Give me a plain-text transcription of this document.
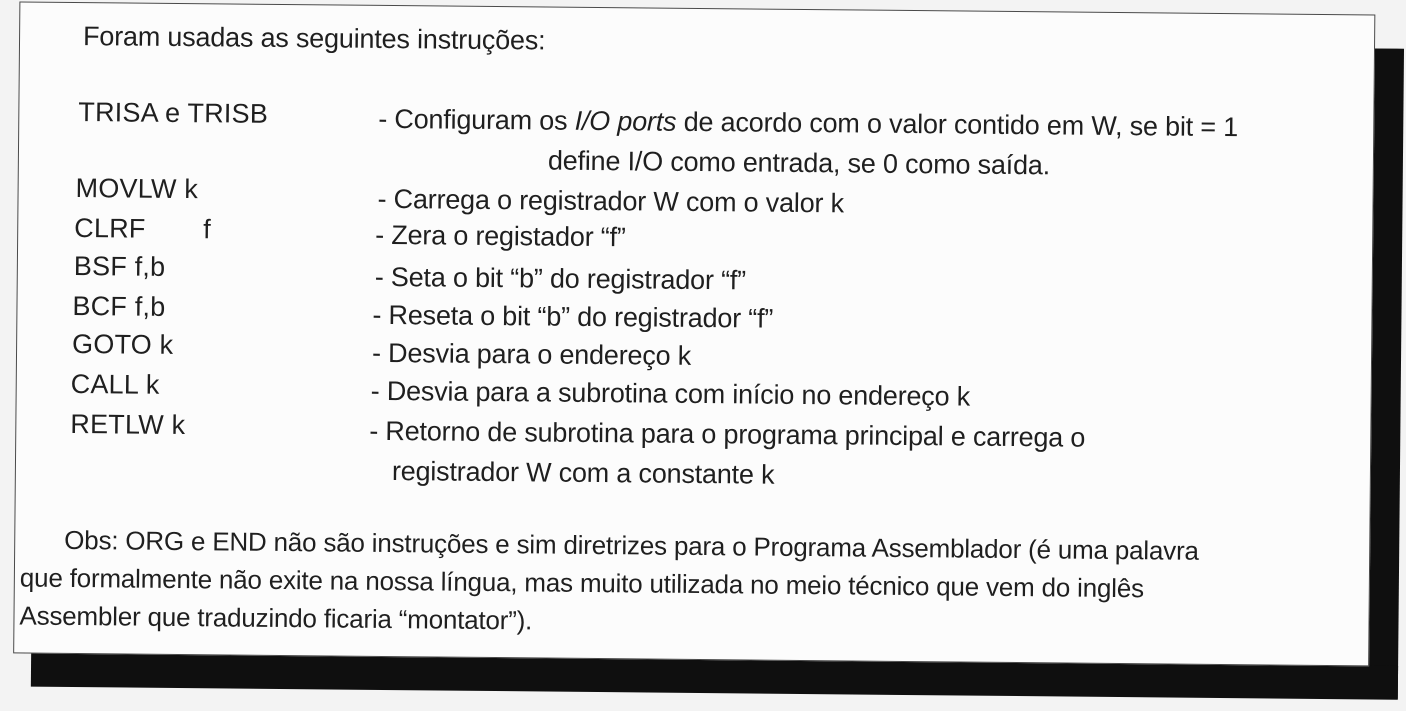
Foram usadas as seguintes instruções:
TRISA e TRISB	- Configuram os I/O ports de acordo com o valor contido em W, se bit = 1
define I/O como entrada, se 0 como saída.
MOVLW k	- Carrega o registrador W com o valor k
CLRF f	- Zera o registador “f”
BSF f,b	- Seta o bit “b” do registrador “f”
BCF f,b	- Reseta o bit “b” do registrador “f”
GOTO k	- Desvia para o endereço k
CALL k	- Desvia para a subrotina com início no endereço k
RETLW k	- Retorno de subrotina para o programa principal e carrega o
registrador W com a constante k
Obs: ORG e END não são instruções e sim diretrizes para o Programa Assemblador (é uma palavra
que formalmente não exite na nossa língua, mas muito utilizada no meio técnico que vem do inglês
Assembler que traduzindo ficaria “montator”).
